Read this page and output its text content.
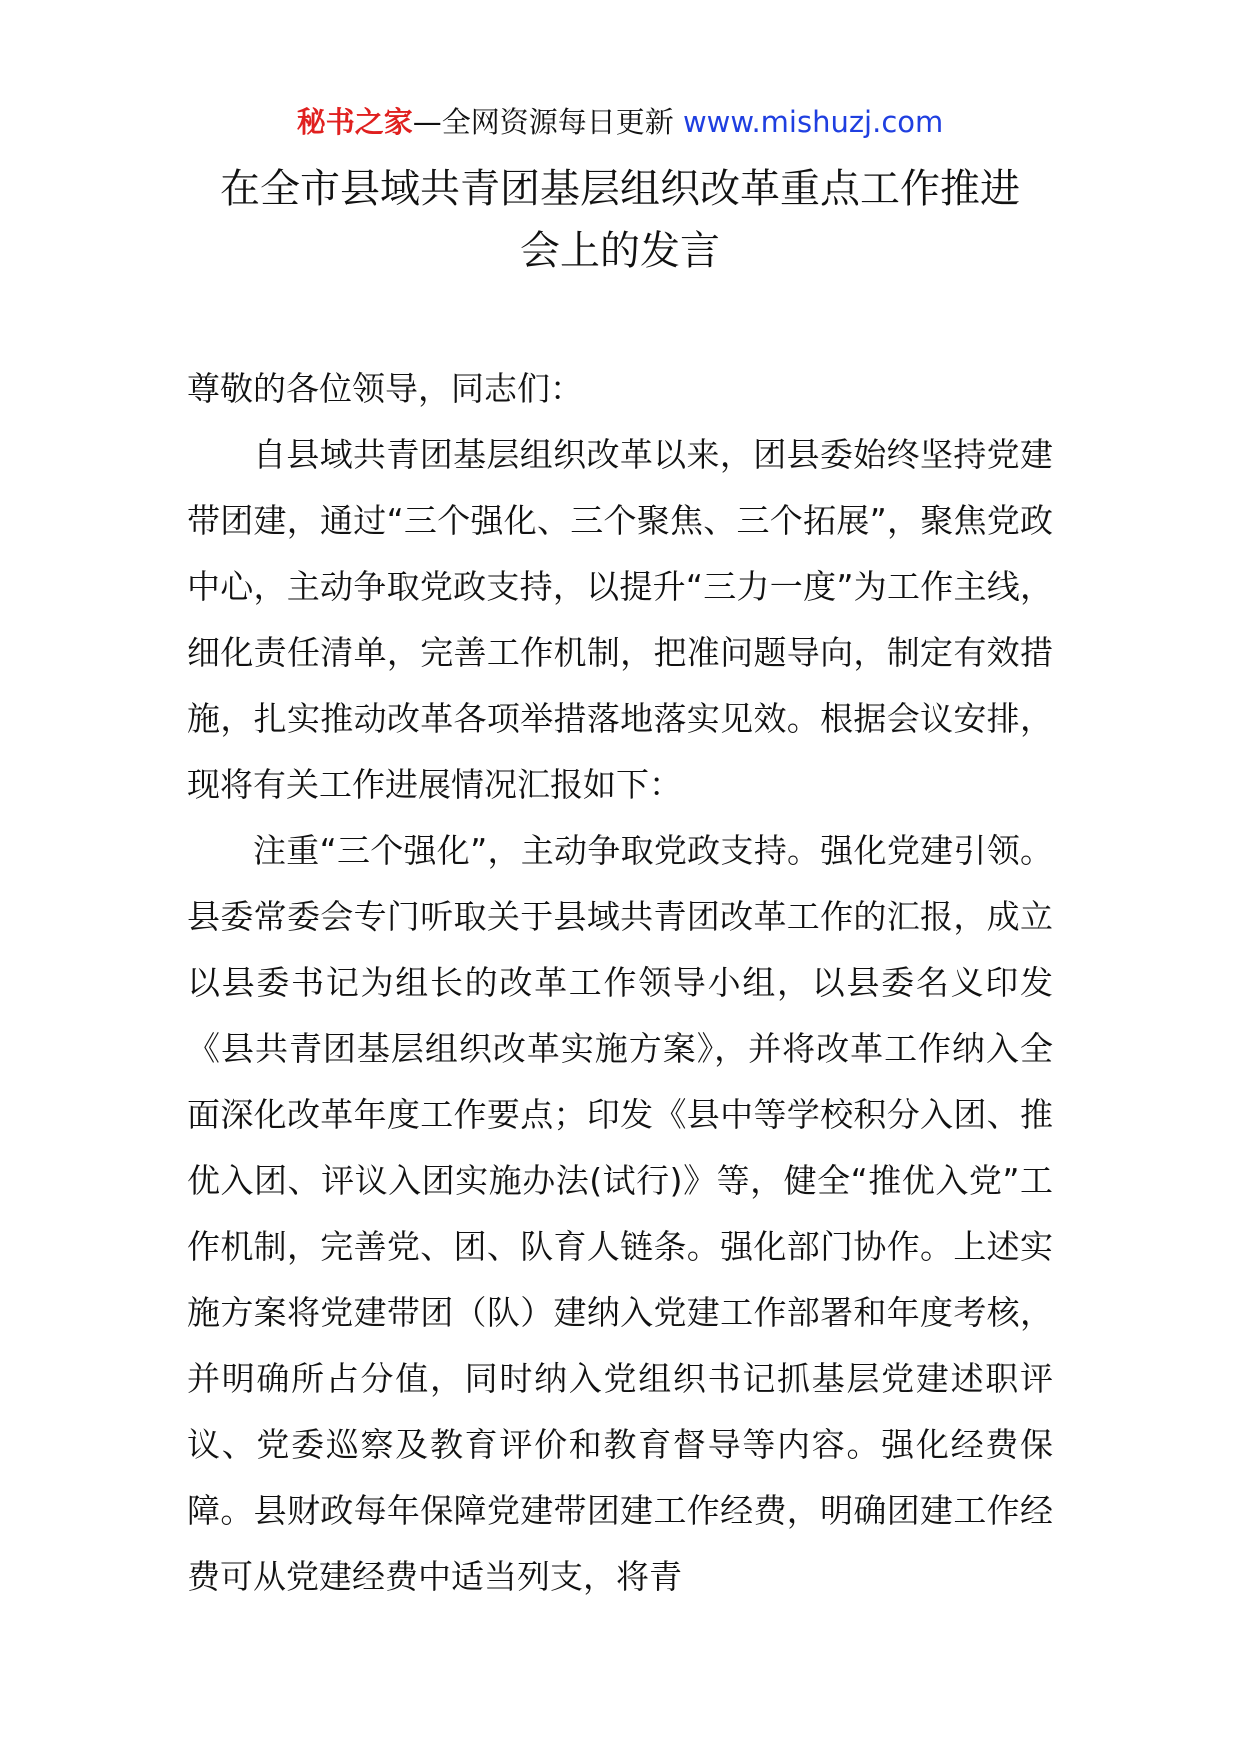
秘书之家—全网资源每日更新 www.mishuzj.com
在全市县域共青团基层组织改革重点工作推进
会上的发言

尊敬的各位领导，同志们：

自县域共青团基层组织改革以来，团县委始终坚持党建带团建，通过“三个强化、三个聚焦、三个拓展”，聚焦党政中心，主动争取党政支持，以提升“三力一度”为工作主线，细化责任清单，完善工作机制，把准问题导向，制定有效措施，扎实推动改革各项举措落地落实见效。根据会议安排，现将有关工作进展情况汇报如下：

注重“三个强化”，主动争取党政支持。强化党建引领。县委常委会专门听取关于县域共青团改革工作的汇报，成立以县委书记为组长的改革工作领导小组，以县委名义印发《县共青团基层组织改革实施方案》，并将改革工作纳入全面深化改革年度工作要点；印发《县中等学校积分入团、推优入团、评议入团实施办法(试行)》等，健全“推优入党”工作机制，完善党、团、队育人链条。强化部门协作。上述实施方案将党建带团（队）建纳入党建工作部署和年度考核，并明确所占分值，同时纳入党组织书记抓基层党建述职评议、党委巡察及教育评价和教育督导等内容。强化经费保障。县财政每年保障党建带团建工作经费，明确团建工作经费可从党建经费中适当列支，将青
